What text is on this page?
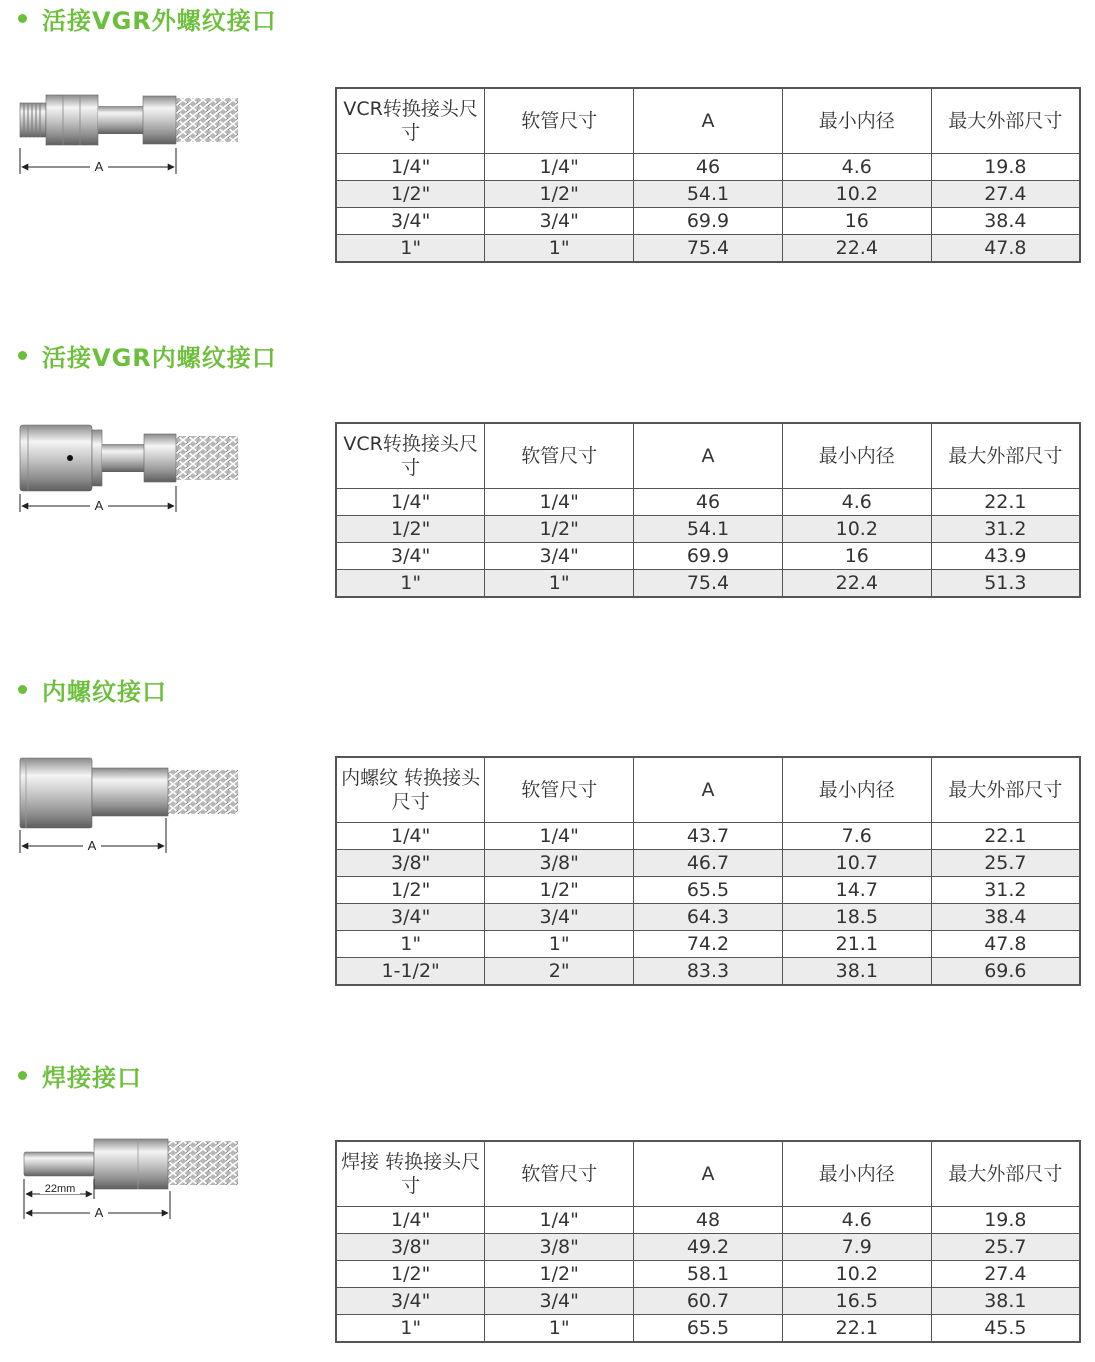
活接VGR外螺纹接口
A
VCR转换接头尺寸	软管尺寸	A	最小内径	最大外部尺寸
1/4"	1/4"	46	4.6	19.8
1/2"	1/2"	54.1	10.2	27.4
3/4"	3/4"	69.9	16	38.4
1"	1"	75.4	22.4	47.8
活接VGR内螺纹接口
A
VCR转换接头尺寸	软管尺寸	A	最小内径	最大外部尺寸
1/4"	1/4"	46	4.6	22.1
1/2"	1/2"	54.1	10.2	31.2
3/4"	3/4"	69.9	16	43.9
1"	1"	75.4	22.4	51.3
内螺纹接口
A
内螺纹 转换接头尺寸	软管尺寸	A	最小内径	最大外部尺寸
1/4"	1/4"	43.7	7.6	22.1
3/8"	3/8"	46.7	10.7	25.7
1/2"	1/2"	65.5	14.7	31.2
3/4"	3/4"	64.3	18.5	38.4
1"	1"	74.2	21.1	47.8
1-1/2"	2"	83.3	38.1	69.6
焊接接口
22mm
A
焊接 转换接头尺寸	软管尺寸	A	最小内径	最大外部尺寸
1/4"	1/4"	48	4.6	19.8
3/8"	3/8"	49.2	7.9	25.7
1/2"	1/2"	58.1	10.2	27.4
3/4"	3/4"	60.7	16.5	38.1
1"	1"	65.5	22.1	45.5
